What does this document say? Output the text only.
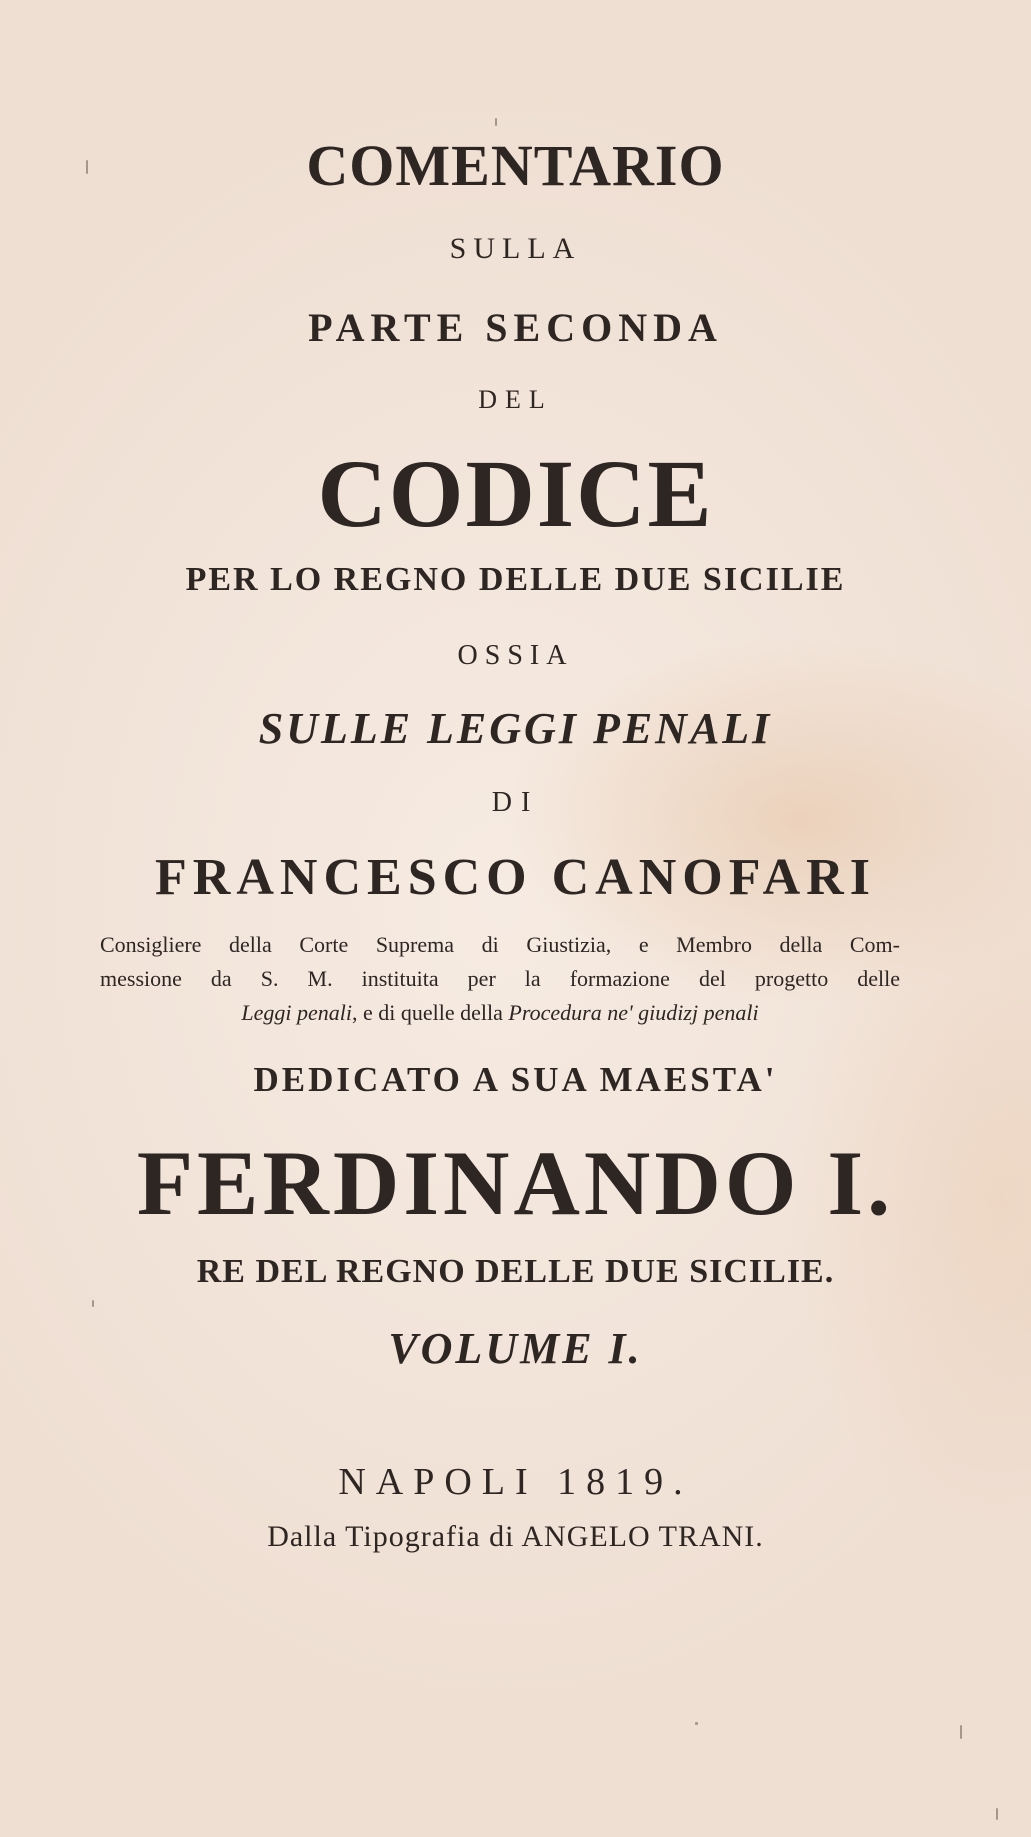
COMENTARIO
SULLA
PARTE SECONDA
DEL
CODICE
PER LO REGNO DELLE DUE SICILIE
OSSIA
SULLE LEGGI PENALI
DI
FRANCESCO CANOFARI
Consigliere della Corte Suprema di Giustizia, e Membro della Com-
messione da S. M. instituita per la formazione del progetto delle
Leggi penali, e di quelle della Procedura ne' giudizj penali
DEDICATO A SUA MAESTA'
FERDINANDO I.
RE DEL REGNO DELLE DUE SICILIE.
VOLUME I.
NAPOLI 1819.
Dalla Tipografia di ANGELO TRANI.
